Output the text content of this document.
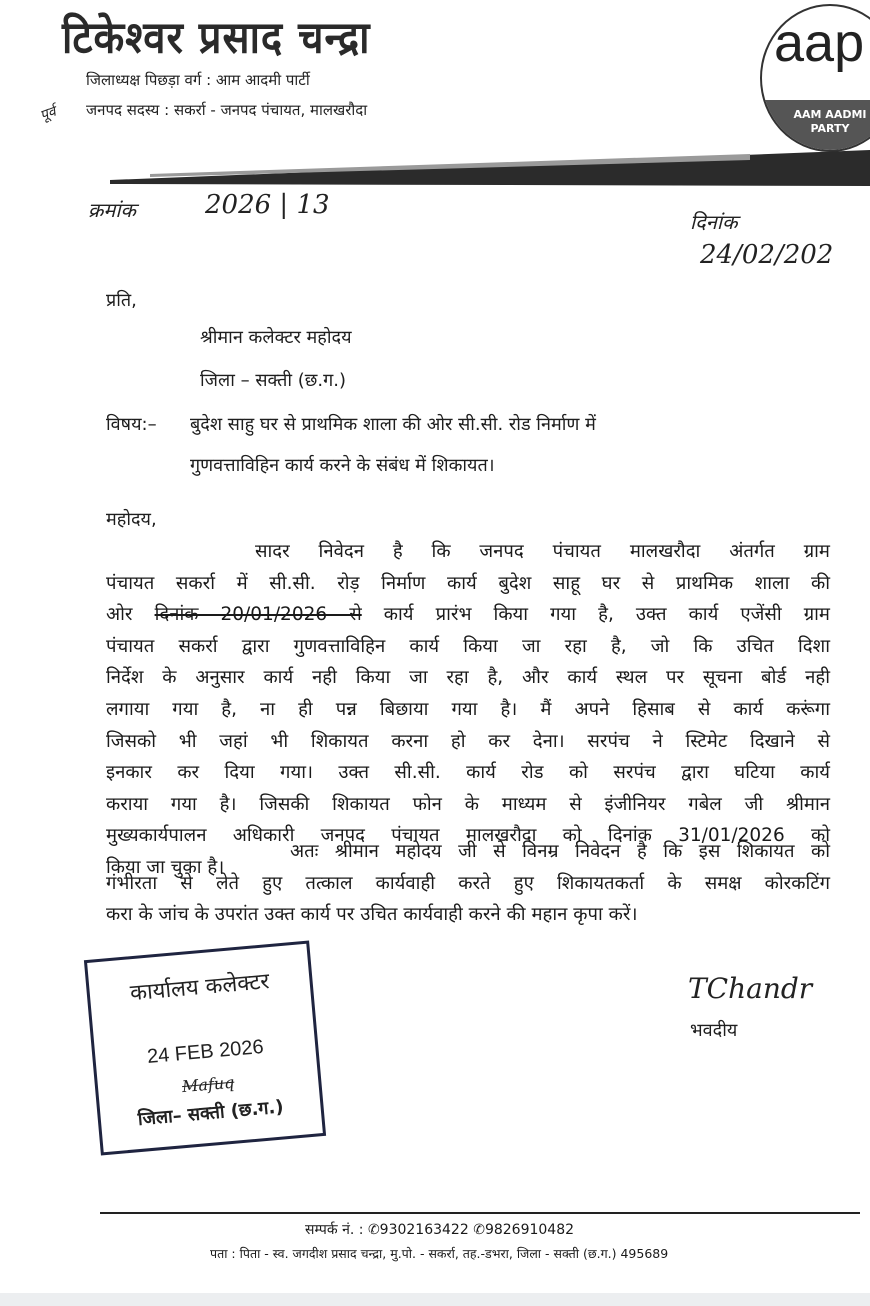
टिकेश्वर प्रसाद चन्द्रा
जिलाध्यक्ष पिछड़ा वर्ग : आम आदमी पार्टी
जनपद सदस्य : सकर्रा - जनपद पंचायत, मालखरौदा
पूर्व
aap
AAM AADMI
PARTY
क्रमांक	2026 | 13
दिनांक
24/02/202
प्रति,
श्रीमान कलेक्टर महोदय
जिला – सक्ती (छ.ग.)
विषय:– बुदेश साहु घर से प्राथमिक शाला की ओर सी.सी. रोड निर्माण में
गुणवत्ताविहिन कार्य करने के संबंध में शिकायत।
महोदय,
सादर निवेदन है कि जनपद पंचायत मालखरौदा अंतर्गत ग्राम
पंचायत सकर्रा में सी.सी. रोड़ निर्माण कार्य बुदेश साहू घर से प्राथमिक शाला की
ओर दिनांक 20/01/2026 से कार्य प्रारंभ किया गया है, उक्त कार्य एजेंसी ग्राम
पंचायत सकर्रा द्वारा गुणवत्ताविहिन कार्य किया जा रहा है, जो कि उचित दिशा
निर्देश के अनुसार कार्य नही किया जा रहा है, और कार्य स्थल पर सूचना बोर्ड नही
लगाया गया है, ना ही पन्न बिछाया गया है। मैं अपने हिसाब से कार्य करूंगा
जिसको भी जहां भी शिकायत करना हो कर देना। सरपंच ने स्टिमेट दिखाने से
इनकार कर दिया गया। उक्त सी.सी. कार्य रोड को सरपंच द्वारा घटिया कार्य
कराया गया है। जिसकी शिकायत फोन के माध्यम से इंजीनियर गबेल जी श्रीमान
मुख्यकार्यपालन अधिकारी जनपद पंचायत मालखरौदा को दिनांक 31/01/2026 को
किया जा चुका है।
अतः श्रीमान महोदय जी से विनम्र निवेदन है कि इस शिकायत को
गंभीरता से लेते हुए तत्काल कार्यवाही करते हुए शिकायतकर्ता के समक्ष कोरकटिंग
करा के जांच के उपरांत उक्त कार्य पर उचित कार्यवाही करने की महान कृपा करें।
कार्यालय कलेक्टर
24 FEB 2026
Mafuq
जिला– सक्ती (छ.ग.)
TChandr
भवदीय
सम्पर्क नं. : ✆9302163422 ✆9826910482
पता : पिता - स्व. जगदीश प्रसाद चन्द्रा, मु.पो. - सकर्रा, तह.-डभरा, जिला - सक्ती (छ.ग.) 495689
